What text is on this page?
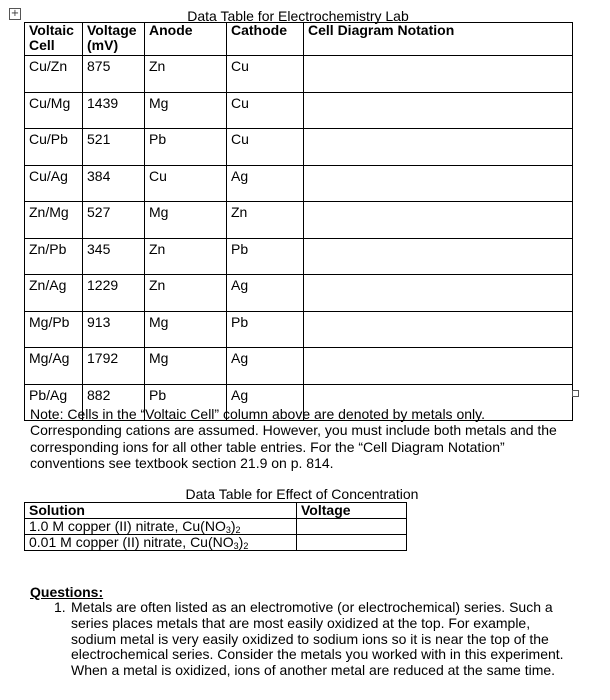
+	Data Table for Electrochemistry Lab
Voltaic Cell	Voltage (mV)	Anode	Cathode	Cell Diagram Notation
Cu/Zn	875	Zn	Cu	
Cu/Mg	1439	Mg	Cu	
Cu/Pb	521	Pb	Cu	
Cu/Ag	384	Cu	Ag	
Zn/Mg	527	Mg	Zn	
Zn/Pb	345	Zn	Pb	
Zn/Ag	1229	Zn	Ag	
Mg/Pb	913	Mg	Pb	
Mg/Ag	1792	Mg	Ag	
Pb/Ag	882	Pb	Ag	
Note: Cells in the “Voltaic Cell” column above are denoted by metals only. Corresponding cations are assumed. However, you must include both metals and the corresponding ions for all other table entries. For the “Cell Diagram Notation” conventions see textbook section 21.9 on p. 814.
Data Table for Effect of Concentration
Solution	Voltage
1.0 M copper (II) nitrate, $Cu(NO_3)_2$	
0.01 M copper (II) nitrate, $Cu(NO_3)_2$	
Questions:
1. Metals are often listed as an electromotive (or electrochemical) series. Such a series places metals that are most easily oxidized at the top. For example, sodium metal is very easily oxidized to sodium ions so it is near the top of the electrochemical series. Consider the metals you worked with in this experiment. When a metal is oxidized, ions of another metal are reduced at the same time.
